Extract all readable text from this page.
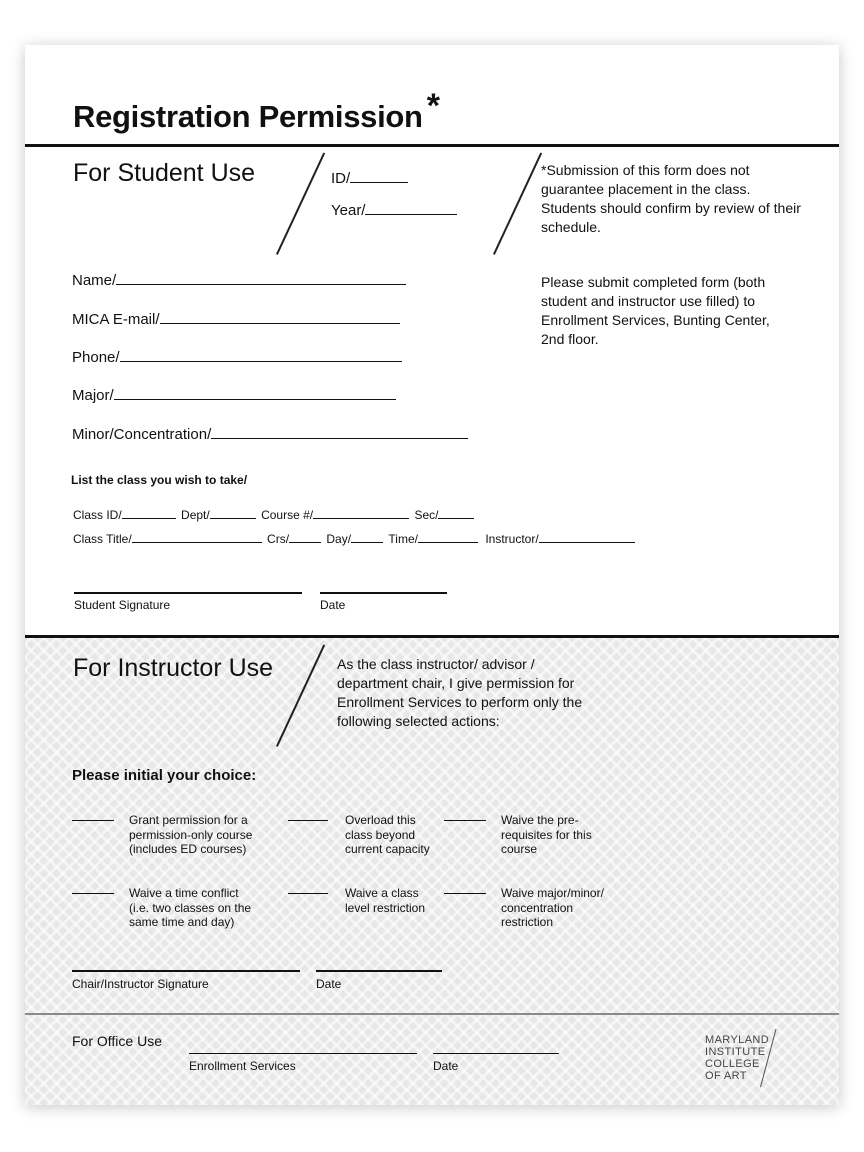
Registration Permission *
For Student Use	ID/
Year/
*Submission of this form does not guarantee placement in the class. Students should confirm by review of their schedule.
Please submit completed form (both student and instructor use filled) to Enrollment Services, Bunting Center, 2nd floor.
Name/
MICA E-mail/
Phone/
Major/
Minor/Concentration/
List the class you wish to take/
Class ID/	Dept/	Course #/	Sec/
Class Title/	Crs/	Day/	Time/	Instructor/
Student Signature	Date
For Instructor Use	As the class instructor/ advisor / department chair, I give permission for Enrollment Services to perform only the following selected actions:
Please initial your choice:
Grant permission for a permission-only course (includes ED courses)
Overload this class beyond current capacity
Waive the pre-requisites for this course
Waive a time conflict (i.e. two classes on the same time and day)
Waive a class level restriction
Waive major/minor/ concentration restriction
Chair/Instructor Signature	Date
For Office Use
Enrollment Services	Date
MARYLAND
INSTITUTE
COLLEGE
OF ART
